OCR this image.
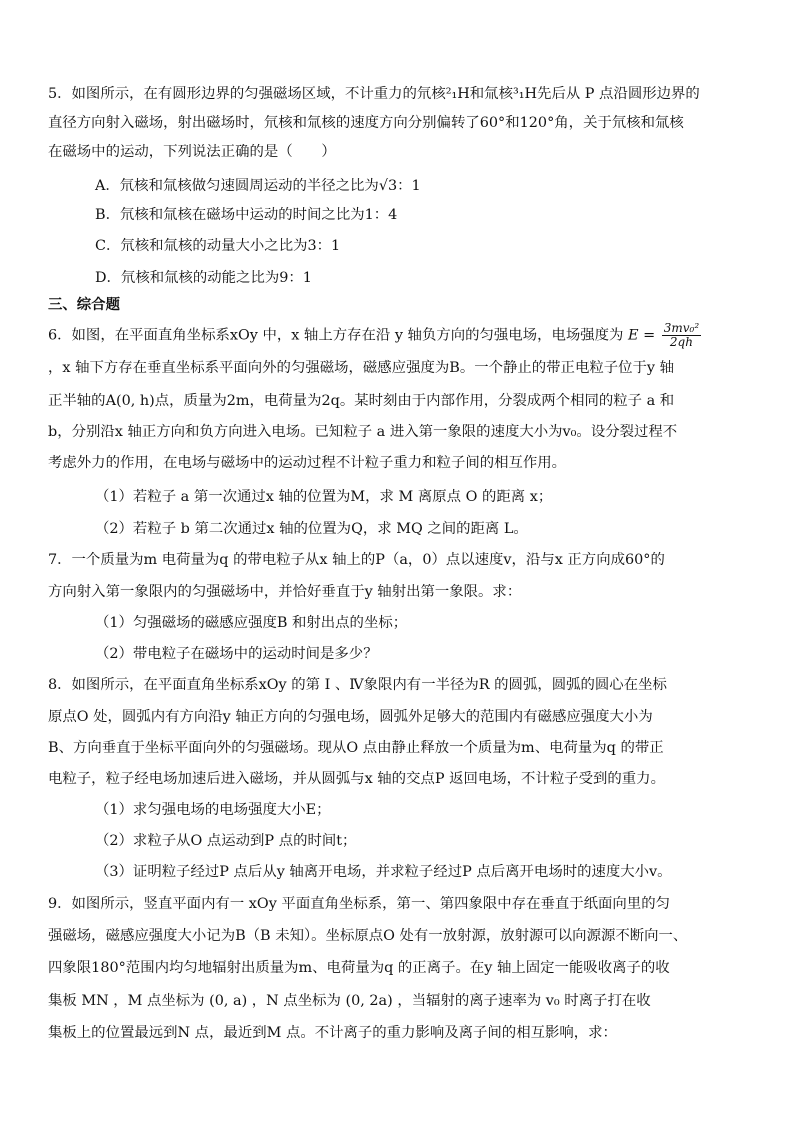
5．如图所示，在有圆形边界的匀强磁场区域，不计重力的氘核²₁H和氚核³₁H先后从 P 点沿圆形边界的
直径方向射入磁场，射出磁场时，氘核和氚核的速度方向分别偏转了60°和120°角，关于氘核和氚核
在磁场中的运动，下列说法正确的是（　　）
A．氘核和氚核做匀速圆周运动的半径之比为√3：1
B．氘核和氚核在磁场中运动的时间之比为1：4
C．氘核和氚核的动量大小之比为3：1
D．氘核和氚核的动能之比为9：1
三、综合题
6．如图，在平面直角坐标系xOy 中，x 轴上方存在沿 y 轴负方向的匀强电场，电场强度为 $E = \frac{\text{3mv₀²}}{2qh}$
，x 轴下方存在垂直坐标系平面向外的匀强磁场，磁感应强度为B。一个静止的带正电粒子位于y 轴
正半轴的A(0, h)点，质量为2m，电荷量为2q。某时刻由于内部作用，分裂成两个相同的粒子 a 和
b，分别沿x 轴正方向和负方向进入电场。已知粒子 a 进入第一象限的速度大小为v₀。设分裂过程不
考虑外力的作用，在电场与磁场中的运动过程不计粒子重力和粒子间的相互作用。
（1）若粒子 a 第一次通过x 轴的位置为M，求 M 离原点 O 的距离 x；
（2）若粒子 b 第二次通过x 轴的位置为Q，求 MQ 之间的距离 L。
7．一个质量为m 电荷量为q 的带电粒子从x 轴上的P（a，0）点以速度v，沿与x 正方向成60°的
方向射入第一象限内的匀强磁场中，并恰好垂直于y 轴射出第一象限。求：
（1）匀强磁场的磁感应强度B 和射出点的坐标；
（2）带电粒子在磁场中的运动时间是多少？
8．如图所示，在平面直角坐标系xOy 的第 Ⅰ 、Ⅳ象限内有一半径为R 的圆弧，圆弧的圆心在坐标
原点O 处，圆弧内有方向沿y 轴正方向的匀强电场，圆弧外足够大的范围内有磁感应强度大小为
B、方向垂直于坐标平面向外的匀强磁场。现从O 点由静止释放一个质量为m、电荷量为q 的带正
电粒子，粒子经电场加速后进入磁场，并从圆弧与x 轴的交点P 返回电场，不计粒子受到的重力。
（1）求匀强电场的电场强度大小E；
（2）求粒子从O 点运动到P 点的时间t；
（3）证明粒子经过P 点后从y 轴离开电场，并求粒子经过P 点后离开电场时的速度大小v。
9．如图所示，竖直平面内有一 xOy 平面直角坐标系，第一、第四象限中存在垂直于纸面向里的匀
强磁场，磁感应强度大小记为B（B 未知）。坐标原点O 处有一放射源，放射源可以向源源不断向一、
四象限180°范围内均匀地辐射出质量为m、电荷量为q 的正离子。在y 轴上固定一能吸收离子的收
集板 MN ，M 点坐标为 (0, a) ，N 点坐标为 (0, 2a) ，当辐射的离子速率为 v₀ 时离子打在收
集板上的位置最远到N 点，最近到M 点。不计离子的重力影响及离子间的相互影响，求：
